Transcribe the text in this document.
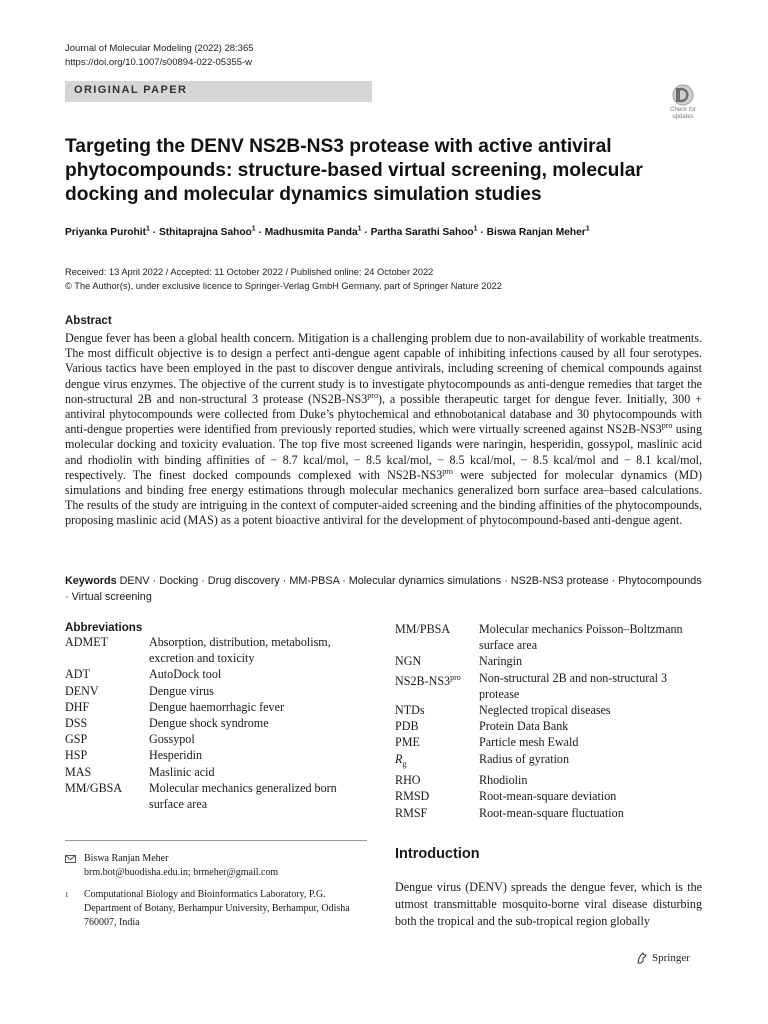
Journal of Molecular Modeling (2022) 28:365
https://doi.org/10.1007/s00894-022-05355-w
ORIGINAL PAPER
Check for
updates
Targeting the DENV NS2B-NS3 protease with active antiviral phytocompounds: structure-based virtual screening, molecular docking and molecular dynamics simulation studies
Priyanka Purohit$^1$ · Sthitaprajna Sahoo$^1$ · Madhusmita Panda$^1$ · Partha Sarathi Sahoo$^1$ · Biswa Ranjan Meher$^1$
Received: 13 April 2022 / Accepted: 11 October 2022 / Published online: 24 October 2022
© The Author(s), under exclusive licence to Springer-Verlag GmbH Germany, part of Springer Nature 2022
Abstract

Dengue fever has been a global health concern. Mitigation is a challenging problem due to non-availability of workable treatments. The most difficult objective is to design a perfect anti-dengue agent capable of inhibiting infections caused by all four serotypes. Various tactics have been employed in the past to discover dengue antivirals, including screening of chemical compounds against dengue virus enzymes. The objective of the current study is to investigate phytocompounds as anti-dengue remedies that target the non-structural 2B and non-structural 3 protease $(NS2B-NS3^{pro})$, a possible therapeutic target for dengue fever. Initially, 300 + antiviral phytocompounds were collected from Duke’s phytochemical and ethnobotanical database and 30 phytocompounds with anti-dengue properties were identified from previously reported studies, which were virtually screened against $NS2B-NS3^{pro}$ using molecular docking and toxicity evaluation. The top five most screened ligands were naringin, hesperidin, gossypol, maslinic acid and rhodiolin with binding affinities of − 8.7 kcal/mol, − 8.5 kcal/mol, − 8.5 kcal/mol, − 8.5 kcal/mol and − 8.1 kcal/mol, respectively. The finest docked compounds complexed with $NS2B-NS3^{pro}$ were subjected for molecular dynamics (MD) simulations and binding free energy estimations through molecular mechanics generalized born surface area–based calculations. The results of the study are intriguing in the context of computer-aided screening and the binding affinities of the phytocompounds, proposing maslinic acid (MAS) as a potent bioactive antiviral for the development of phytocompound-based anti-dengue agent.

Keywords DENV · Docking · Drug discovery · MM-PBSA · Molecular dynamics simulations · NS2B-NS3 protease · Phytocompounds · Virtual screening
Abbreviations
ADMET	Absorption, distribution, metabolism, excretion and toxicity
ADT	AutoDock tool
DENV	Dengue virus
DHF	Dengue haemorrhagic fever
DSS	Dengue shock syndrome
GSP	Gossypol
HSP	Hesperidin
MAS	Maslinic acid
MM/GBSA	Molecular mechanics generalized born surface area
MM/PBSA	Molecular mechanics Poisson–Boltzmann surface area
NGN	Naringin
$NS2B-NS3^{pro}$	Non-structural 2B and non-structural 3 protease
NTDs	Neglected tropical diseases
PDB	Protein Data Bank
PME	Particle mesh Ewald
$R_g$	Radius of gyration
RHO	Rhodiolin
RMSD	Root-mean-square deviation
RMSF	Root-mean-square fluctuation
Biswa Ranjan Meher
brm.bot@buodisha.edu.in; brmeher@gmail.com
1 Computational Biology and Bioinformatics Laboratory, P.G. Department of Botany, Berhampur University, Berhampur, Odisha 760007, India
Introduction

Dengue virus (DENV) spreads the dengue fever, which is the utmost transmittable mosquito-borne viral disease disturbing both the tropical and the sub-tropical region globally

Springer
